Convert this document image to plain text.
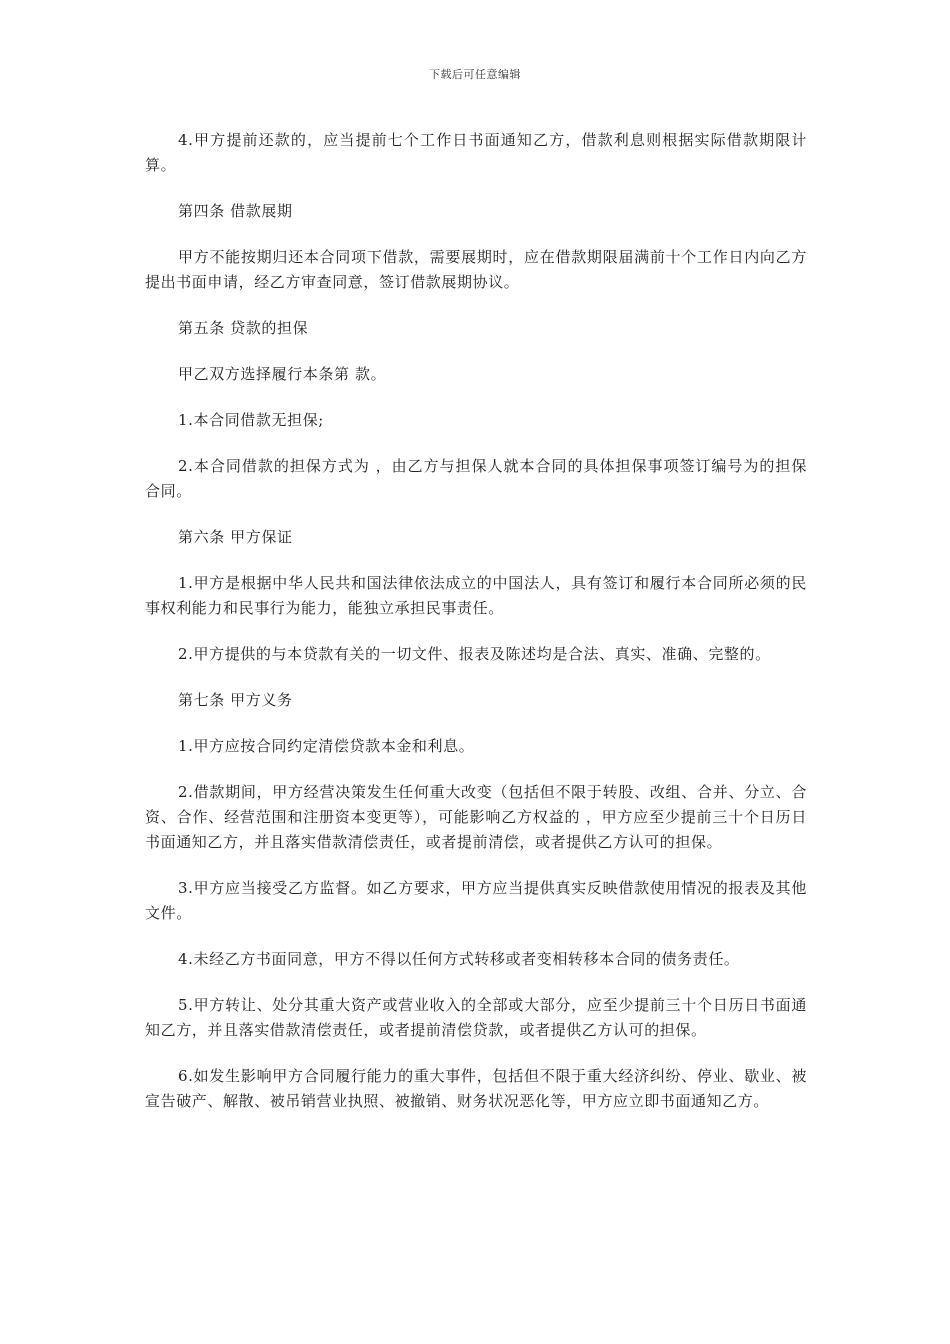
下载后可任意编辑

4.甲方提前还款的，应当提前七个工作日书面通知乙方，借款利息则根据实际借款期限计算。

第四条 借款展期

甲方不能按期归还本合同项下借款，需要展期时，应在借款期限届满前十个工作日内向乙方提出书面申请，经乙方审查同意，签订借款展期协议。

第五条 贷款的担保

甲乙双方选择履行本条第 款。

1.本合同借款无担保;

2.本合同借款的担保方式为 ，由乙方与担保人就本合同的具体担保事项签订编号为的担保合同。

第六条 甲方保证

1.甲方是根据中华人民共和国法律依法成立的中国法人，具有签订和履行本合同所必须的民事权利能力和民事行为能力，能独立承担民事责任。

2.甲方提供的与本贷款有关的一切文件、报表及陈述均是合法、真实、准确、完整的。

第七条 甲方义务

1.甲方应按合同约定清偿贷款本金和利息。

2.借款期间，甲方经营决策发生任何重大改变（包括但不限于转股、改组、合并、分立、合资、合作、经营范围和注册资本变更等），可能影响乙方权益的 ，甲方应至少提前三十个日历日书面通知乙方，并且落实借款清偿责任，或者提前清偿，或者提供乙方认可的担保。

3.甲方应当接受乙方监督。如乙方要求，甲方应当提供真实反映借款使用情况的报表及其他文件。

4.未经乙方书面同意，甲方不得以任何方式转移或者变相转移本合同的债务责任。

5.甲方转让、处分其重大资产或营业收入的全部或大部分，应至少提前三十个日历日书面通知乙方，并且落实借款清偿责任，或者提前清偿贷款，或者提供乙方认可的担保。

6.如发生影响甲方合同履行能力的重大事件，包括但不限于重大经济纠纷、停业、歇业、被宣告破产、解散、被吊销营业执照、被撤销、财务状况恶化等，甲方应立即书面通知乙方。
